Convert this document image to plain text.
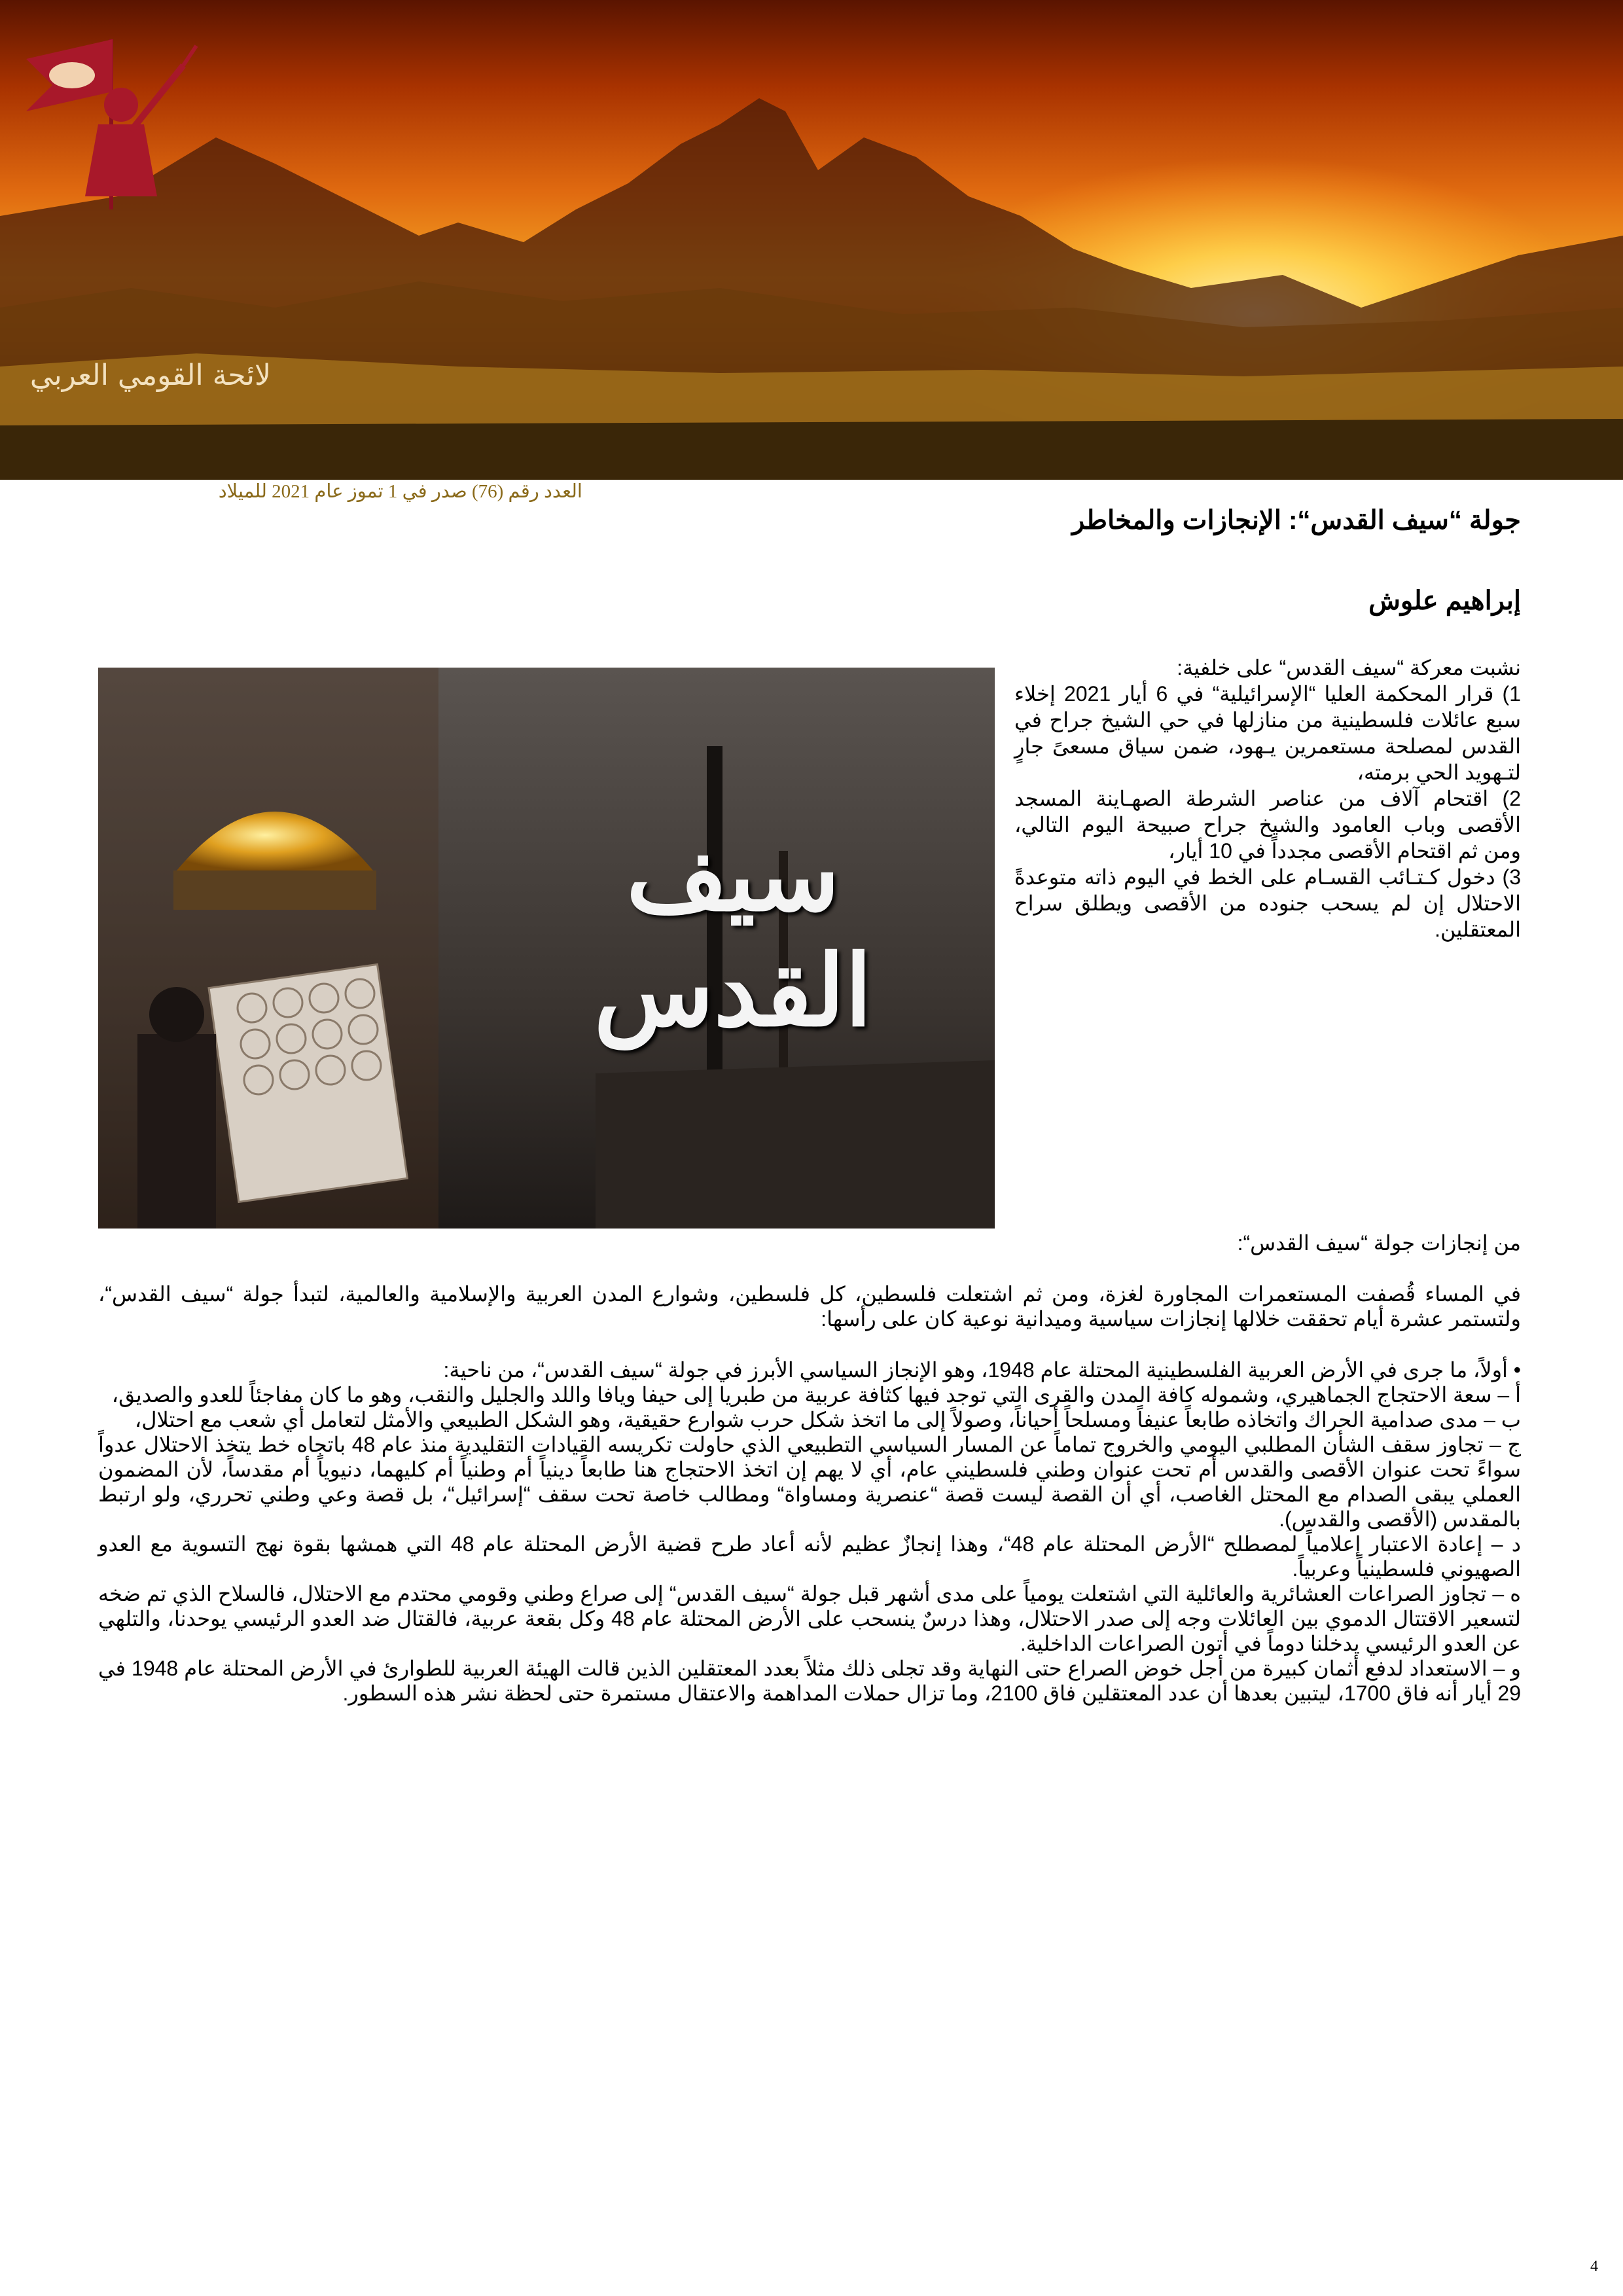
لائحة القومي العربي
العدد رقم (76) صدر في 1 تموز عام 2021 للميلاد
جولة “سيف القدس“: الإنجازات والمخاطر
إبراهيم علوش
سيف القدس

نشبت معركة “سيف القدس“ على خلفية:

1) قرار المحكمة العليا “الإسرائيلية“ في 6 أيار 2021 إخلاء سبع عائلات فلسطينية من منازلها في حي الشيخ جراح في القدس لمصلحة مستعمرين يـهود، ضمن سياق مسعىً جارٍ لتـهويد الحي برمته،

2) اقتحام آلاف من عناصر الشرطة الصهـاينة المسجد الأقصى وباب العامود والشيخ جراح صبيحة اليوم التالي، ومن ثم اقتحام الأقصى مجدداً في 10 أيار،

3) دخول كـتـائب القسـام على الخط في اليوم ذاته متوعدةً الاحتلال إن لم يسحب جنوده من الأقصى ويطلق سراح المعتقلين.

من إنجازات جولة “سيف القدس“:

في المساء قُصفت المستعمرات المجاورة لغزة، ومن ثم اشتعلت فلسطين، كل فلسطين، وشوارع المدن العربية والإسلامية والعالمية، لتبدأ جولة “سيف القدس“، ولتستمر عشرة أيام تحققت خلالها إنجازات سياسية وميدانية نوعية كان على رأسها:

• أولاً، ما جرى في الأرض العربية الفلسطينية المحتلة عام 1948، وهو الإنجاز السياسي الأبرز في جولة “سيف القدس“، من ناحية:

أ – سعة الاحتجاج الجماهيري، وشموله كافة المدن والقرى التي توجد فيها كثافة عربية من طبريا إلى حيفا ويافا واللد والجليل والنقب، وهو ما كان مفاجئاً للعدو والصديق،

ب – مدى صدامية الحراك واتخاذه طابعاً عنيفاً ومسلحاً أحياناً، وصولاً إلى ما اتخذ شكل حرب شوارع حقيقية، وهو الشكل الطبيعي والأمثل لتعامل أي شعب مع احتلال،

ج – تجاوز سقف الشأن المطلبي اليومي والخروج تماماً عن المسار السياسي التطبيعي الذي حاولت تكريسه القيادات التقليدية منذ عام 48 باتجاه خط يتخذ الاحتلال عدواً سواءً تحت عنوان الأقصى والقدس أم تحت عنوان وطني فلسطيني عام، أي لا يهم إن اتخذ الاحتجاج هنا طابعاً دينياً أم وطنياً أم كليهما، دنيوياً أم مقدساً، لأن المضمون العملي يبقى الصدام مع المحتل الغاصب، أي أن القصة ليست قصة “عنصرية ومساواة“ ومطالب خاصة تحت سقف “إسرائيل“، بل قصة وعي وطني تحرري، ولو ارتبط بالمقدس (الأقصى والقدس).

د – إعادة الاعتبار إعلامياً لمصطلح “الأرض المحتلة عام 48“، وهذا إنجازٌ عظيم لأنه أعاد طرح قضية الأرض المحتلة عام 48 التي همشها بقوة نهج التسوية مع العدو الصهيوني فلسطينياً وعربياً.

ه – تجاوز الصراعات العشائرية والعائلية التي اشتعلت يومياً على مدى أشهر قبل جولة “سيف القدس“ إلى صراع وطني وقومي محتدم مع الاحتلال، فالسلاح الذي تم ضخه لتسعير الاقتتال الدموي بين العائلات وجه إلى صدر الاحتلال، وهذا درسٌ ينسحب على الأرض المحتلة عام 48 وكل بقعة عربية، فالقتال ضد العدو الرئيسي يوحدنا، والتلهي عن العدو الرئيسي يدخلنا دوماً في أتون الصراعات الداخلية.

و – الاستعداد لدفع أثمان كبيرة من أجل خوض الصراع حتى النهاية وقد تجلى ذلك مثلاً بعدد المعتقلين الذين قالت الهيئة العربية للطوارئ في الأرض المحتلة عام 1948 في 29 أيار أنه فاق 1700، ليتبين بعدها أن عدد المعتقلين فاق 2100، وما تزال حملات المداهمة والاعتقال مستمرة حتى لحظة نشر هذه السطور.

4
